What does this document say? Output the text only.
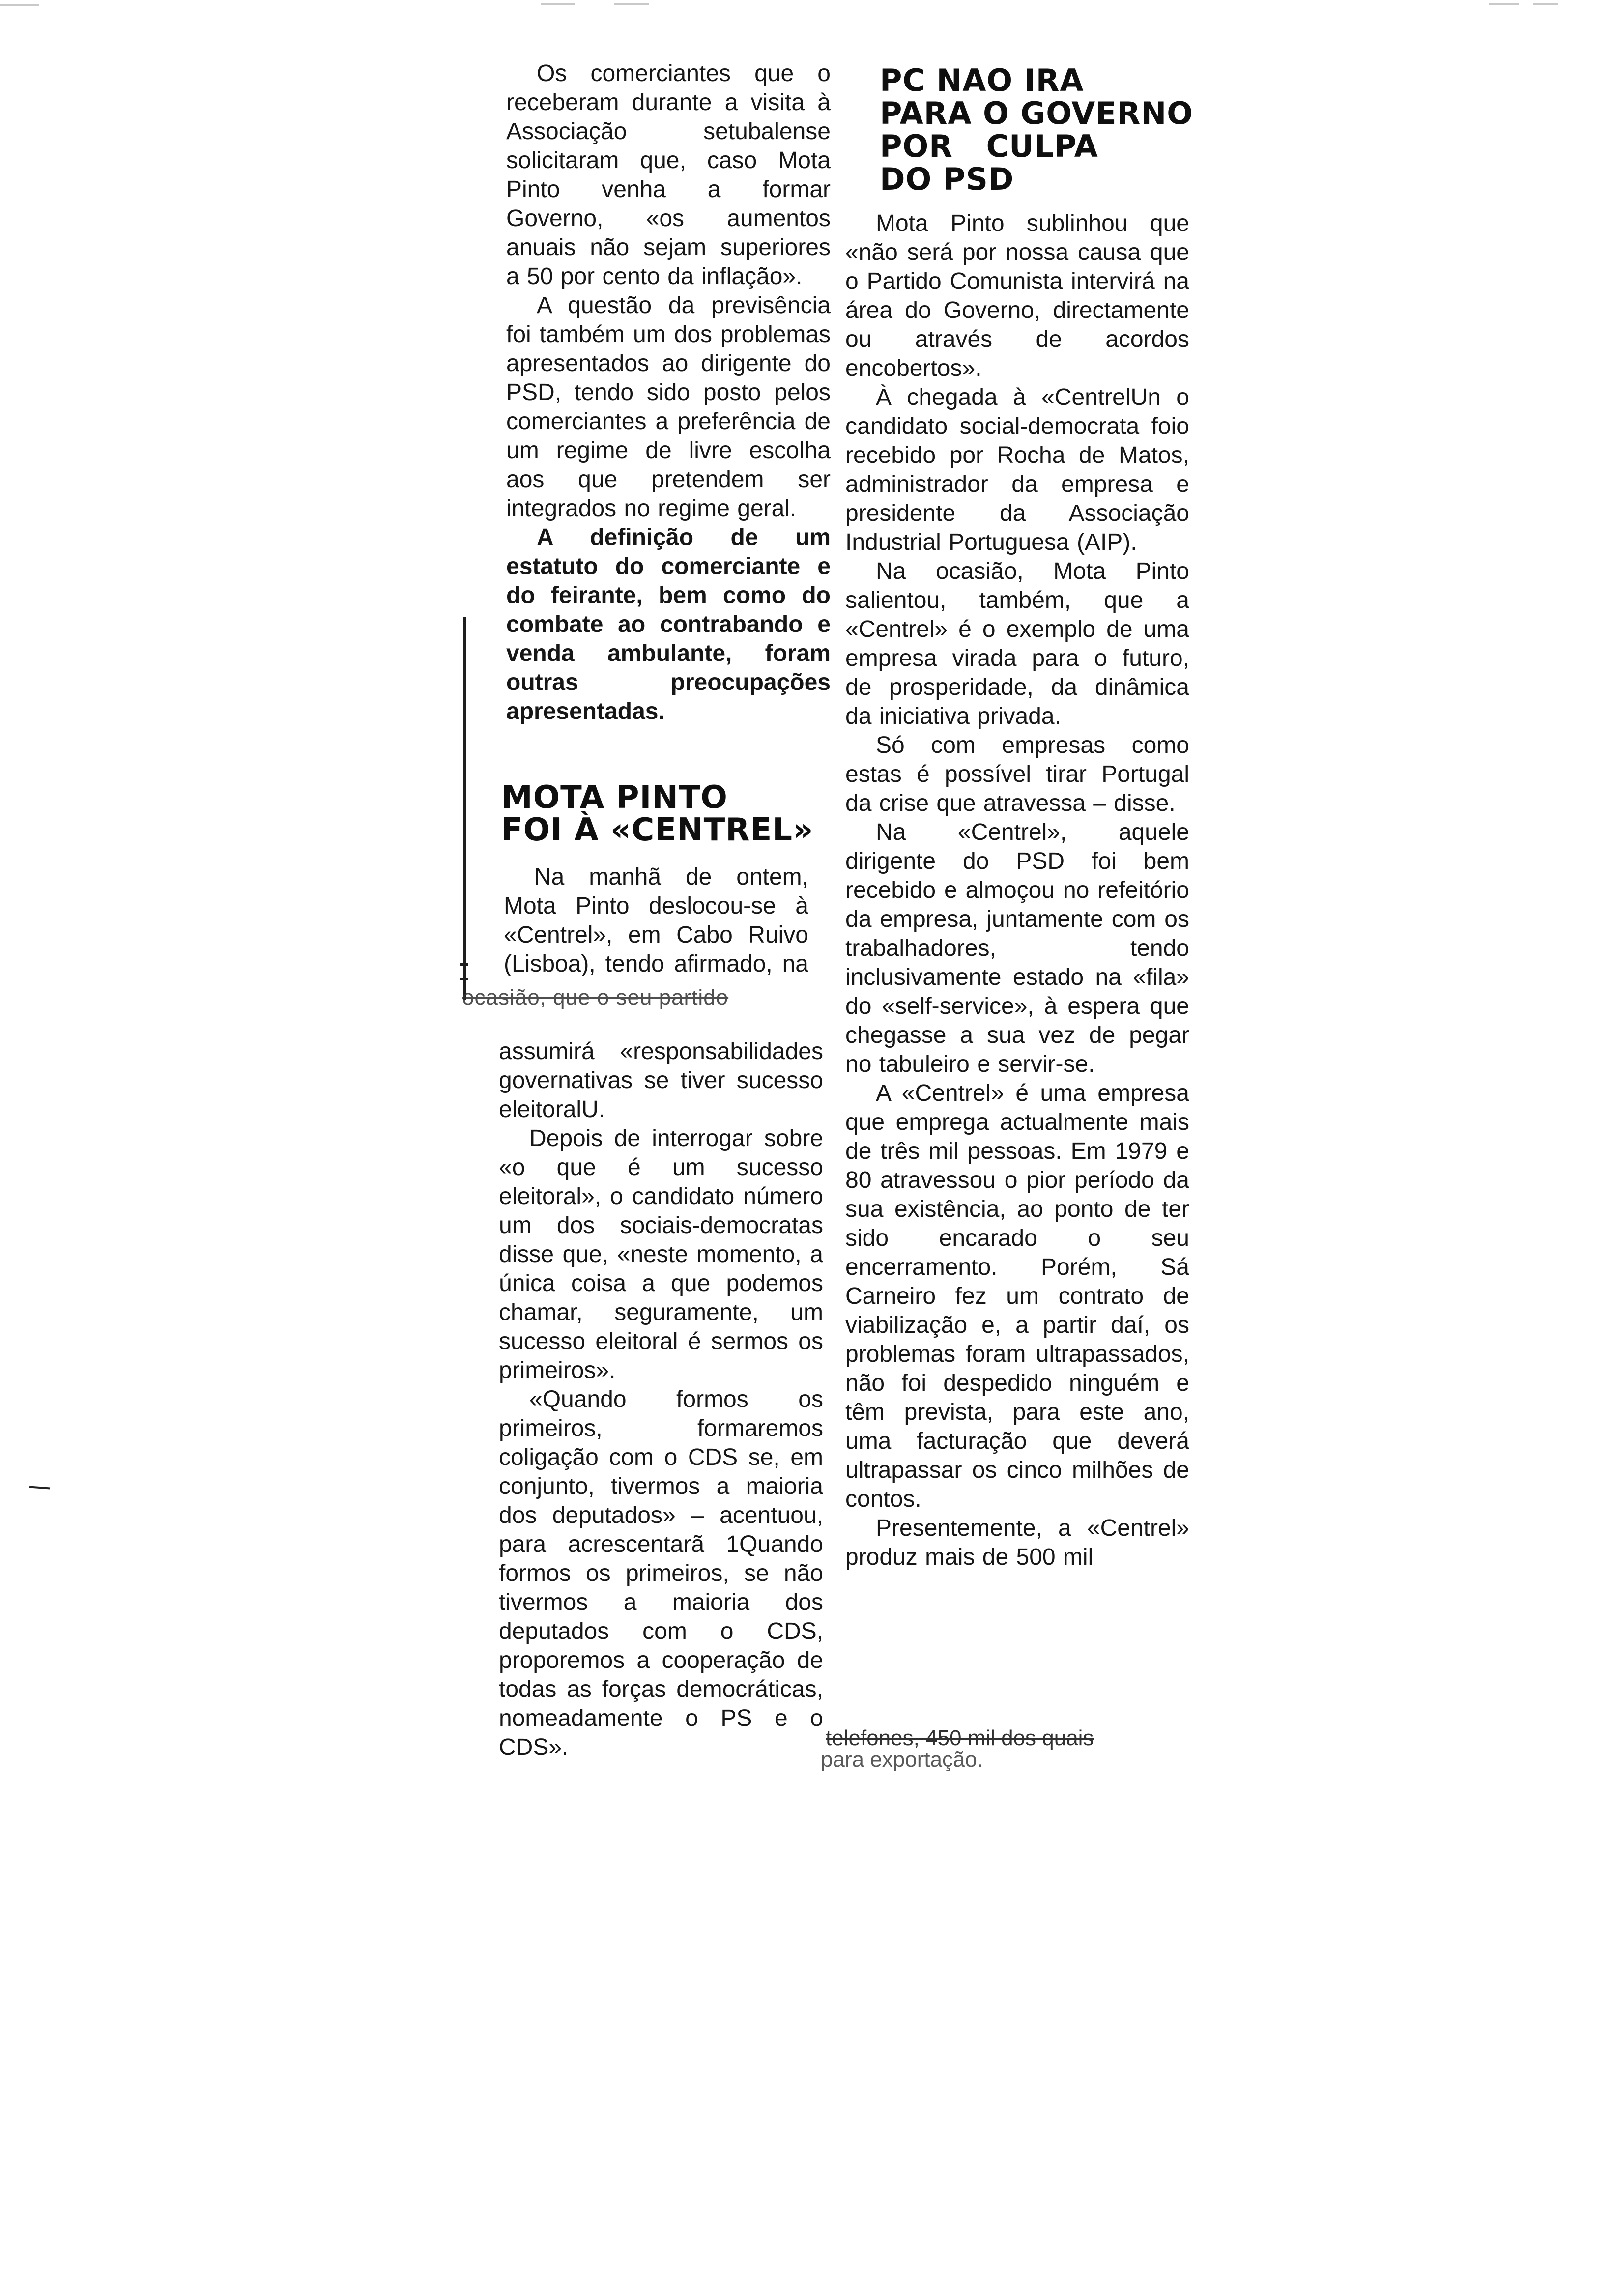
Os comerciantes que o receberam durante a visita à Associação setubalense solicitaram que, caso Mota Pinto venha a formar Governo, «os aumentos anuais não sejam superiores a 50 por cento da inflação».

A questão da previsência foi também um dos problemas apresentados ao dirigente do PSD, tendo sido posto pelos comerciantes a preferência de um regime de livre escolha aos que pretendem ser integrados no regime geral.

A definição de um estatuto do comerciante e do feirante, bem como do combate ao contrabando e venda ambulante, foram outras preocupações apresentadas.

MOTA PINTO
FOI À «CENTREL»

Na manhã de ontem, Mota Pinto deslocou-se à «Centrel», em Cabo Ruivo (Lisboa), tendo afirmado, na

ocasião, que o seu partido

assumirá «responsabilidades governativas se tiver sucesso eleitoralU.

Depois de interrogar sobre «o que é um sucesso eleitoral», o candidato número um dos sociais-democratas disse que, «neste momento, a única coisa a que podemos chamar, seguramente, um sucesso eleitoral é sermos os primeiros».

«Quando formos os primeiros, formaremos coligação com o CDS se, em conjunto, tivermos a maioria dos deputados» – acentuou, para acrescentarã 1Quando formos os primeiros, se não tivermos a maioria dos deputados com o CDS, proporemos a cooperação de todas as forças democráticas, nomeadamente o PS e o CDS».

PC NAO IRA
PARA O GOVERNO
POR   CULPA
DO PSD

Mota Pinto sublinhou que «não será por nossa causa que o Partido Comunista intervirá na área do Governo, directamente ou através de acordos encobertos».

À chegada à «CentrelUn o candidato social-democrata foio recebido por Rocha de Matos, administrador da empresa e presidente da Associação Industrial Portuguesa (AIP).

Na ocasião, Mota Pinto salientou, também, que a «Centrel» é o exemplo de uma empresa virada para o futuro, de prosperidade, da dinâmica da iniciativa privada.

Só com empresas como estas é possível tirar Portugal da crise que atravessa – disse.

Na «Centrel», aquele dirigente do PSD foi bem recebido e almoçou no refeitório da empresa, juntamente com os trabalhadores, tendo inclusivamente estado na «fila» do «self-service», à espera que chegasse a sua vez de pegar no tabuleiro e servir-se.

A «Centrel» é uma empresa que emprega actualmente mais de três mil pessoas. Em 1979 e 80 atravessou o pior período da sua existência, ao ponto de ter sido encarado o seu encerramento. Porém, Sá Carneiro fez um contrato de viabilização e, a partir daí, os problemas foram ultrapassados, não foi despedido ninguém e têm prevista, para este ano, uma facturação que deverá ultrapassar os cinco milhões de contos.

Presentemente, a «Centrel» produz mais de 500 mil

telefones, 450 mil dos quais
para exportação.
